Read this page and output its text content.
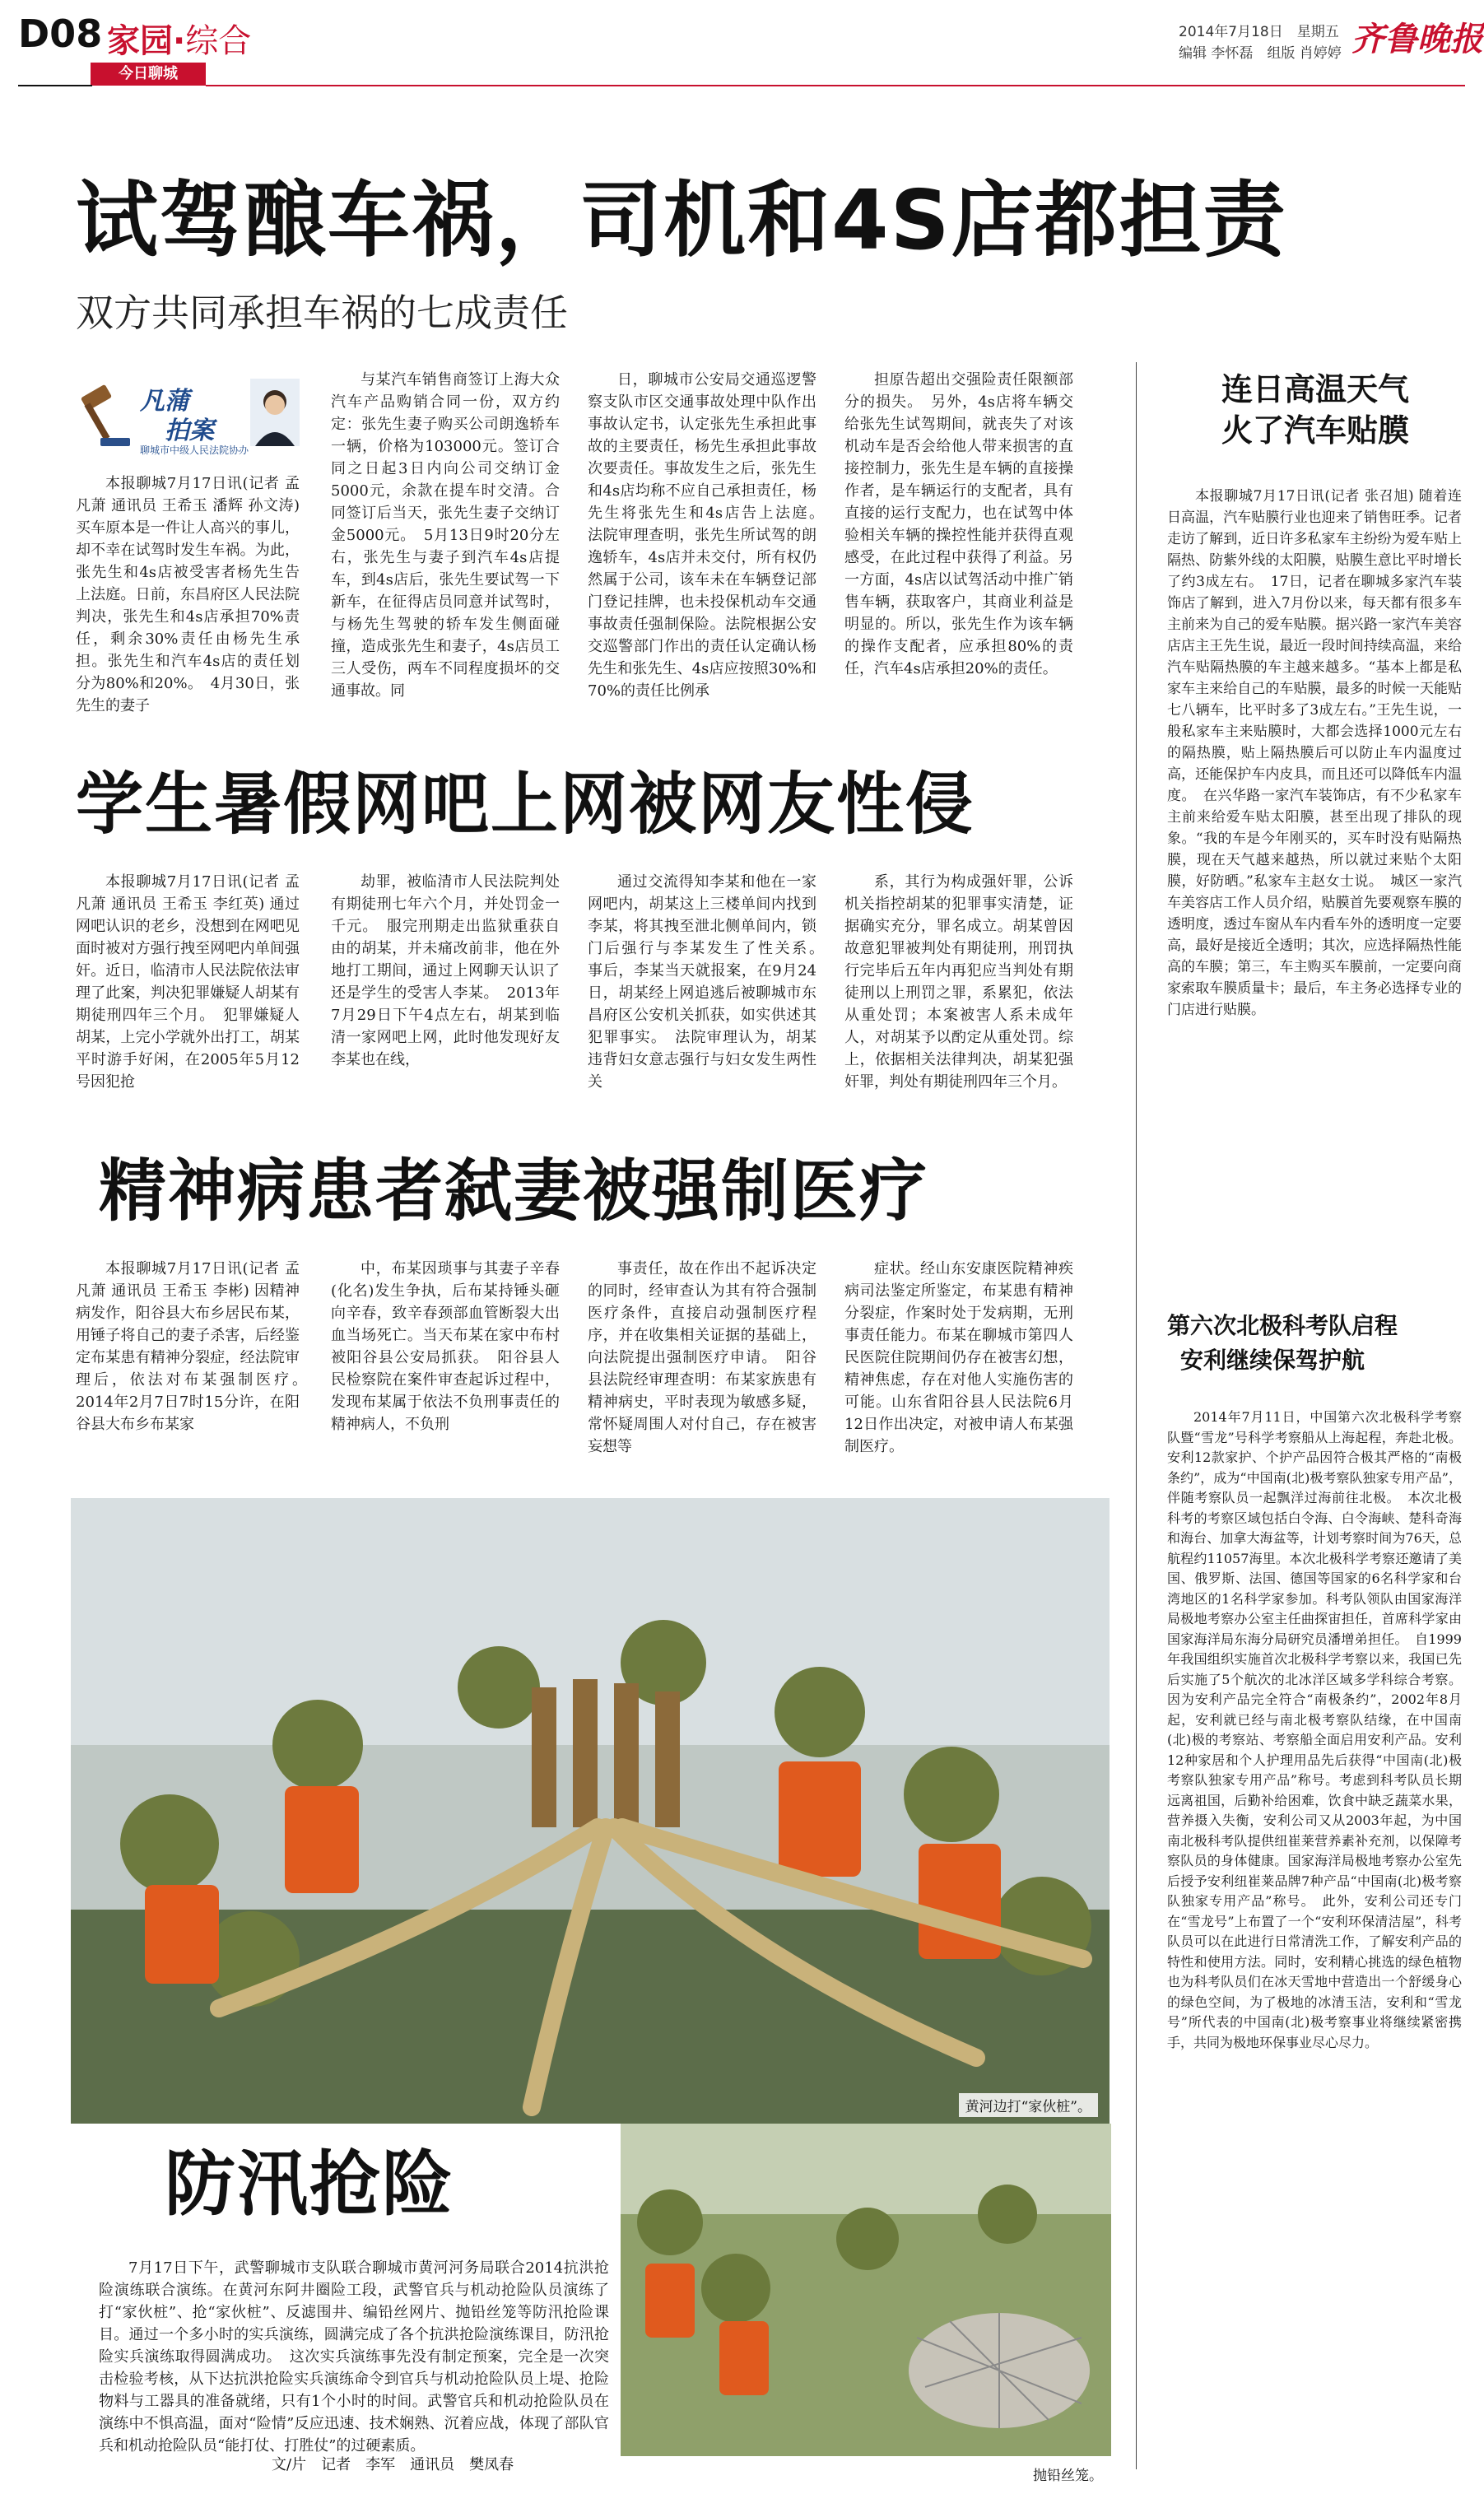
D08 家园·综合
今日聊城
2014年7月18日　 星期五
编辑 李怀磊　 组版 肖婷婷 齐鲁晚报
试驾酿车祸，司机和4S店都担责
双方共同承担车祸的七成责任
凡蒲
拍案
聊城市中级人民法院协办
本报聊城7月17日讯(记者 孟凡萧 通讯员 王希玉 潘辉 孙文涛) 买车原本是一件让人高兴的事儿，却不幸在试驾时发生车祸。为此，张先生和4s店被受害者杨先生告上法庭。日前，东昌府区人民法院判决，张先生和4s店承担70%责任，剩余30%责任由杨先生承担。张先生和汽车4s店的责任划分为80%和20%。　4月30日，张先生的妻子
与某汽车销售商签订上海大众汽车产品购销合同一份，双方约定：张先生妻子购买公司朗逸轿车一辆，价格为103000元。签订合同之日起3日内向公司交纳订金5000元，余款在提车时交清。合同签订后当天，张先生妻子交纳订金5000元。　5月13日9时20分左右，张先生与妻子到汽车4s店提车，到4s店后，张先生要试驾一下新车，在征得店员同意并试驾时，与杨先生驾驶的轿车发生侧面碰撞，造成张先生和妻子，4s店员工三人受伤，两车不同程度损坏的交通事故。同
日，聊城市公安局交通巡逻警察支队市区交通事故处理中队作出事故认定书，认定张先生承担此事故的主要责任，杨先生承担此事故次要责任。事故发生之后，张先生和4s店均称不应自己承担责任，杨先生将张先生和4s店告上法庭。　法院审理查明，张先生所试驾的朗逸轿车，4s店并未交付，所有权仍然属于公司，该车未在车辆登记部门登记挂牌，也未投保机动车交通事故责任强制保险。法院根据公安交巡警部门作出的责任认定确认杨先生和张先生、4s店应按照30%和70%的责任比例承
担原告超出交强险责任限额部分的损失。　另外，4s店将车辆交给张先生试驾期间，就丧失了对该机动车是否会给他人带来损害的直接控制力，张先生是车辆的直接操作者，是车辆运行的支配者，具有直接的运行支配力，也在试驾中体验相关车辆的操控性能并获得直观感受，在此过程中获得了利益。另一方面，4s店以试驾活动中推广销售车辆，获取客户，其商业利益是明显的。所以，张先生作为该车辆的操作支配者，应承担80%的责任，汽车4s店承担20%的责任。
学生暑假网吧上网被网友性侵
本报聊城7月17日讯(记者 孟凡萧 通讯员 王希玉 李红英) 通过网吧认识的老乡，没想到在网吧见面时被对方强行拽至网吧内单间强奸。近日，临清市人民法院依法审理了此案，判决犯罪嫌疑人胡某有期徒刑四年三个月。　犯罪嫌疑人胡某，上完小学就外出打工，胡某平时游手好闲，在2005年5月12号因犯抢
劫罪，被临清市人民法院判处有期徒刑七年六个月，并处罚金一千元。　服完刑期走出监狱重获自由的胡某，并未痛改前非，他在外地打工期间，通过上网聊天认识了还是学生的受害人李某。　2013年7月29日下午4点左右，胡某到临清一家网吧上网，此时他发现好友李某也在线，
通过交流得知李某和他在一家网吧内，胡某这上三楼单间内找到李某，将其拽至泄北侧单间内，锁门后强行与李某发生了性关系。　事后，李某当天就报案，在9月24日，胡某经上网追逃后被聊城市东昌府区公安机关抓获，如实供述其犯罪事实。　法院审理认为，胡某违背妇女意志强行与妇女发生两性关
系，其行为构成强奸罪，公诉机关指控胡某的犯罪事实清楚，证据确实充分，罪名成立。胡某曾因故意犯罪被判处有期徒刑，刑罚执行完毕后五年内再犯应当判处有期徒刑以上刑罚之罪，系累犯，依法从重处罚；本案被害人系未成年人，对胡某予以酌定从重处罚。综上，依据相关法律判决，胡某犯强奸罪，判处有期徒刑四年三个月。
精神病患者弑妻被强制医疗
本报聊城7月17日讯(记者 孟凡萧 通讯员 王希玉 李彬) 因精神病发作，阳谷县大布乡居民布某，用锤子将自己的妻子杀害，后经鉴定布某患有精神分裂症，经法院审理后，依法对布某强制医疗。　2014年2月7日7时15分许，在阳谷县大布乡布某家
中，布某因琐事与其妻子辛春(化名)发生争执，后布某持锤头砸向辛春，致辛春颈部血管断裂大出血当场死亡。当天布某在家中布村被阳谷县公安局抓获。　阳谷县人民检察院在案件审查起诉过程中，发现布某属于依法不负刑事责任的精神病人，不负刑
事责任，故在作出不起诉决定的同时，经审查认为其有符合强制医疗条件，直接启动强制医疗程序，并在收集相关证据的基础上，向法院提出强制医疗申请。　阳谷县法院经审理查明：布某家族患有精神病史，平时表现为敏感多疑，常怀疑周围人对付自己，存在被害妄想等
症状。经山东安康医院精神疾病司法鉴定所鉴定，布某患有精神分裂症，作案时处于发病期，无刑事责任能力。布某在聊城市第四人民医院住院期间仍存在被害幻想，精神焦虑，存在对他人实施伤害的可能。山东省阳谷县人民法院6月12日作出决定，对被申请人布某强制医疗。
黄河边打“家伙桩”。
防汛抢险
7月17日下午，武警聊城市支队联合聊城市黄河河务局联合2014抗洪抢险演练联合演练。在黄河东阿井圈险工段，武警官兵与机动抢险队员演练了打“家伙桩”、抢“家伙桩”、反滤围井、编铅丝网片、抛铅丝笼等防汛抢险课目。通过一个多小时的实兵演练，圆满完成了各个抗洪抢险演练课目，防汛抢险实兵演练取得圆满成功。　这次实兵演练事先没有制定预案，完全是一次突击检验考核，从下达抗洪抢险实兵演练命令到官兵与机动抢险队员上堤、抢险物料与工器具的准备就绪，只有1个小时的时间。武警官兵和机动抢险队员在演练中不惧高温，面对“险情”反应迅速、技术娴熟、沉着应战，体现了部队官兵和机动抢险队员“能打仗、打胜仗”的过硬素质。
文/片　记者　李军　通讯员　樊凤春
抛铅丝笼。
连日高温天气
火了汽车贴膜
本报聊城7月17日讯(记者 张召旭) 随着连日高温，汽车贴膜行业也迎来了销售旺季。记者走访了解到，近日许多私家车主纷纷为爱车贴上隔热、防紫外线的太阳膜，贴膜生意比平时增长了约3成左右。　17日，记者在聊城多家汽车装饰店了解到，进入7月份以来，每天都有很多车主前来为自己的爱车贴膜。据兴路一家汽车美容店店主王先生说，最近一段时间持续高温，来给汽车贴隔热膜的车主越来越多。“基本上都是私家车主来给自己的车贴膜，最多的时候一天能贴七八辆车，比平时多了3成左右。”王先生说，一般私家车主来贴膜时，大都会选择1000元左右的隔热膜，贴上隔热膜后可以防止车内温度过高，还能保护车内皮具，而且还可以降低车内温度。　在兴华路一家汽车装饰店，有不少私家车主前来给爱车贴太阳膜，甚至出现了排队的现象。“我的车是今年刚买的，买车时没有贴隔热膜，现在天气越来越热，所以就过来贴个太阳膜，好防晒。”私家车主赵女士说。　城区一家汽车美容店工作人员介绍，贴膜首先要观察车膜的透明度，透过车窗从车内看车外的透明度一定要高，最好是接近全透明；其次，应选择隔热性能高的车膜；第三，车主购买车膜前，一定要向商家索取车膜质量卡；最后，车主务必选择专业的门店进行贴膜。
第六次北极科考队启程
安利继续保驾护航
2014年7月11日，中国第六次北极科学考察队暨“雪龙”号科学考察船从上海起程，奔赴北极。安利12款家护、个护产品因符合极其严格的“南极条约”，成为“中国南(北)极考察队独家专用产品”，伴随考察队员一起飘洋过海前往北极。　本次北极科考的考察区域包括白令海、白令海峡、楚科奇海和海台、加拿大海盆等，计划考察时间为76天，总航程约11057海里。本次北极科学考察还邀请了美国、俄罗斯、法国、德国等国家的6名科学家和台湾地区的1名科学家参加。科考队领队由国家海洋局极地考察办公室主任曲探宙担任，首席科学家由国家海洋局东海分局研究员潘增弟担任。　自1999年我国组织实施首次北极科学考察以来，我国已先后实施了5个航次的北冰洋区域多学科综合考察。因为安利产品完全符合“南极条约”，2002年8月起，安利就已经与南北极考察队结缘，在中国南(北)极的考察站、考察船全面启用安利产品。安利12种家居和个人护理用品先后获得“中国南(北)极考察队独家专用产品”称号。考虑到科考队员长期远离祖国，后勤补给困难，饮食中缺乏蔬菜水果，营养摄入失衡，安利公司又从2003年起，为中国南北极科考队提供纽崔莱营养素补充剂，以保障考察队员的身体健康。国家海洋局极地考察办公室先后授予安利纽崔莱品牌7种产品“中国南(北)极考察队独家专用产品”称号。　此外，安利公司还专门在“雪龙号”上布置了一个“安利环保清洁屋”，科考队员可以在此进行日常清洗工作，了解安利产品的特性和使用方法。同时，安利精心挑选的绿色植物也为科考队员们在冰天雪地中营造出一个舒缓身心的绿色空间，为了极地的冰清玉洁，安利和“雪龙号”所代表的中国南(北)极考察事业将继续紧密携手，共同为极地环保事业尽心尽力。
